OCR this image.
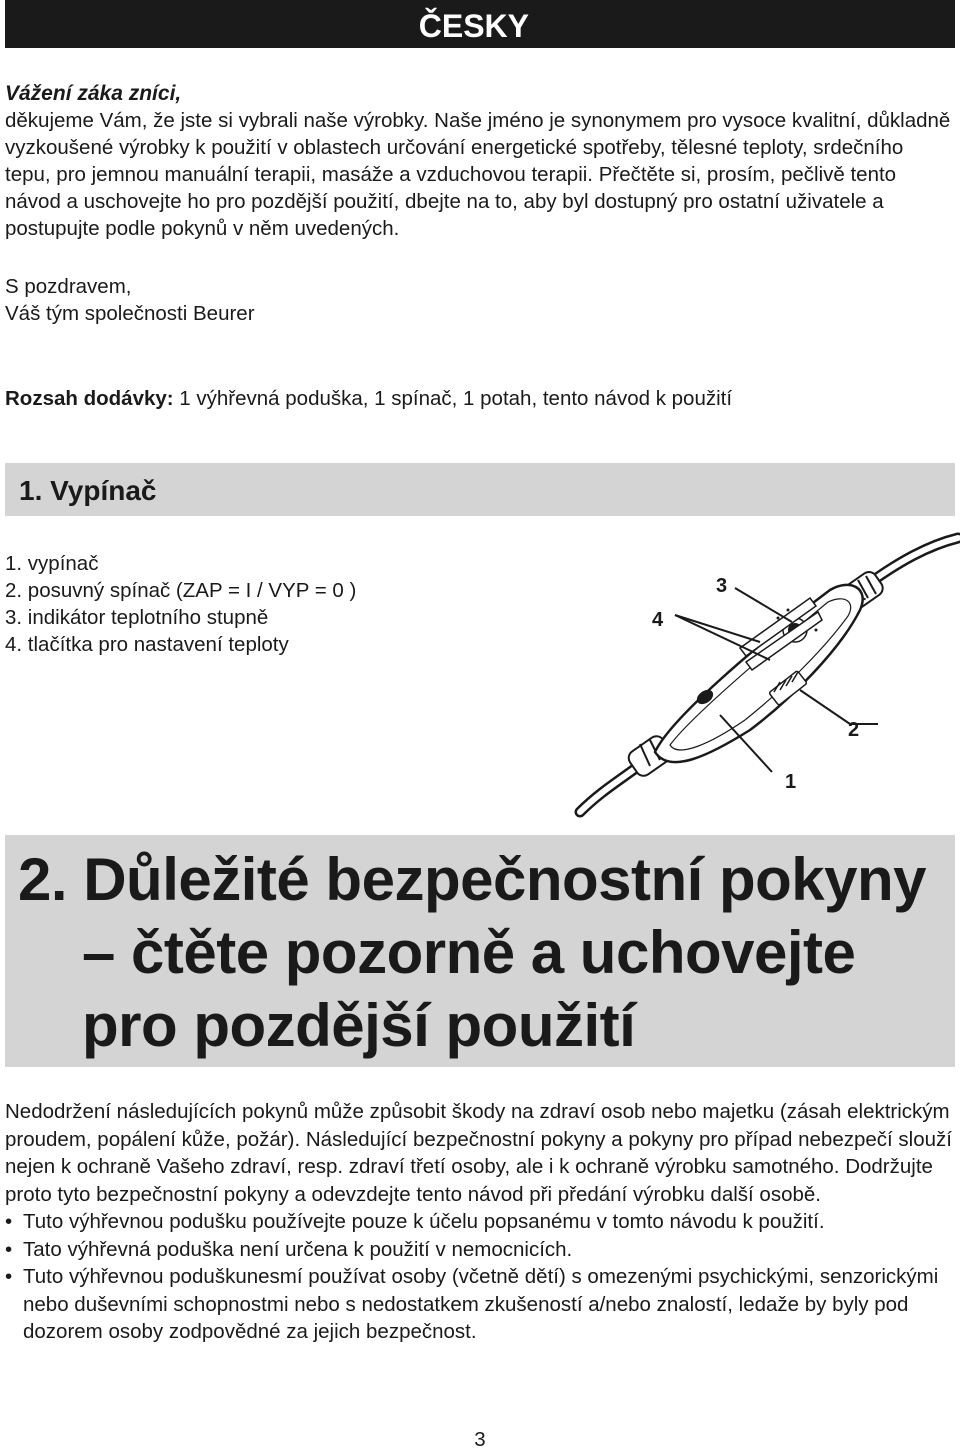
ČESKY

Vážení záka zníci,

děkujeme Vám, že jste si vybrali naše výrobky. Naše jméno je synonymem pro vysoce kvalitní, důkladně vyzkoušené výrobky k použití v oblastech určování energetické spotřeby, tělesné teploty, srdečního tepu, pro jemnou manuální terapii, masáže a vzduchovou terapii. Přečtěte si, prosím, pečlivě tento návod a uschovejte ho pro pozdější použití, dbejte na to, aby byl dostupný pro ostatní uživatele a postupujte podle pokynů v něm uvedených.

S pozdravem,
Váš tým společnosti Beurer
Rozsah dodávky: 1 výhřevná poduška, 1 spínač, 1 potah, tento návod k použití
1. Vypínač
1. vypínač
2. posuvný spínač (ZAP = I / VYP = 0 )
3. indikátor teplotního stupně
4. tlačítka pro nastavení teploty
3
4
2
1
2. Důležité bezpečnostní pokyny
– čtěte pozorně a uchovejte
pro pozdější použití

Nedodržení následujících pokynů může způsobit škody na zdraví osob nebo majetku (zásah elektrickým proudem, popálení kůže, požár). Následující bezpečnostní pokyny a pokyny pro případ nebezpečí slouží nejen k ochraně Vašeho zdraví, resp. zdraví třetí osoby, ale i k ochraně výrobku samotného. Dodržujte proto tyto bezpečnostní pokyny a odevzdejte tento návod při předání výrobku další osobě.

• Tuto výhřevnou podušku používejte pouze k účelu popsanému v tomto návodu k použití.
• Tato výhřevná poduška není určena k použití v nemocnicích.
• Tuto výhřevnou poduškunesmí používat osoby (včetně dětí) s omezenými psychickými, senzorickými nebo duševními schopnostmi nebo s nedostatkem zkušeností a/nebo znalostí, ledaže by byly pod dozorem osoby zodpovědné za jejich bezpečnost.
3
